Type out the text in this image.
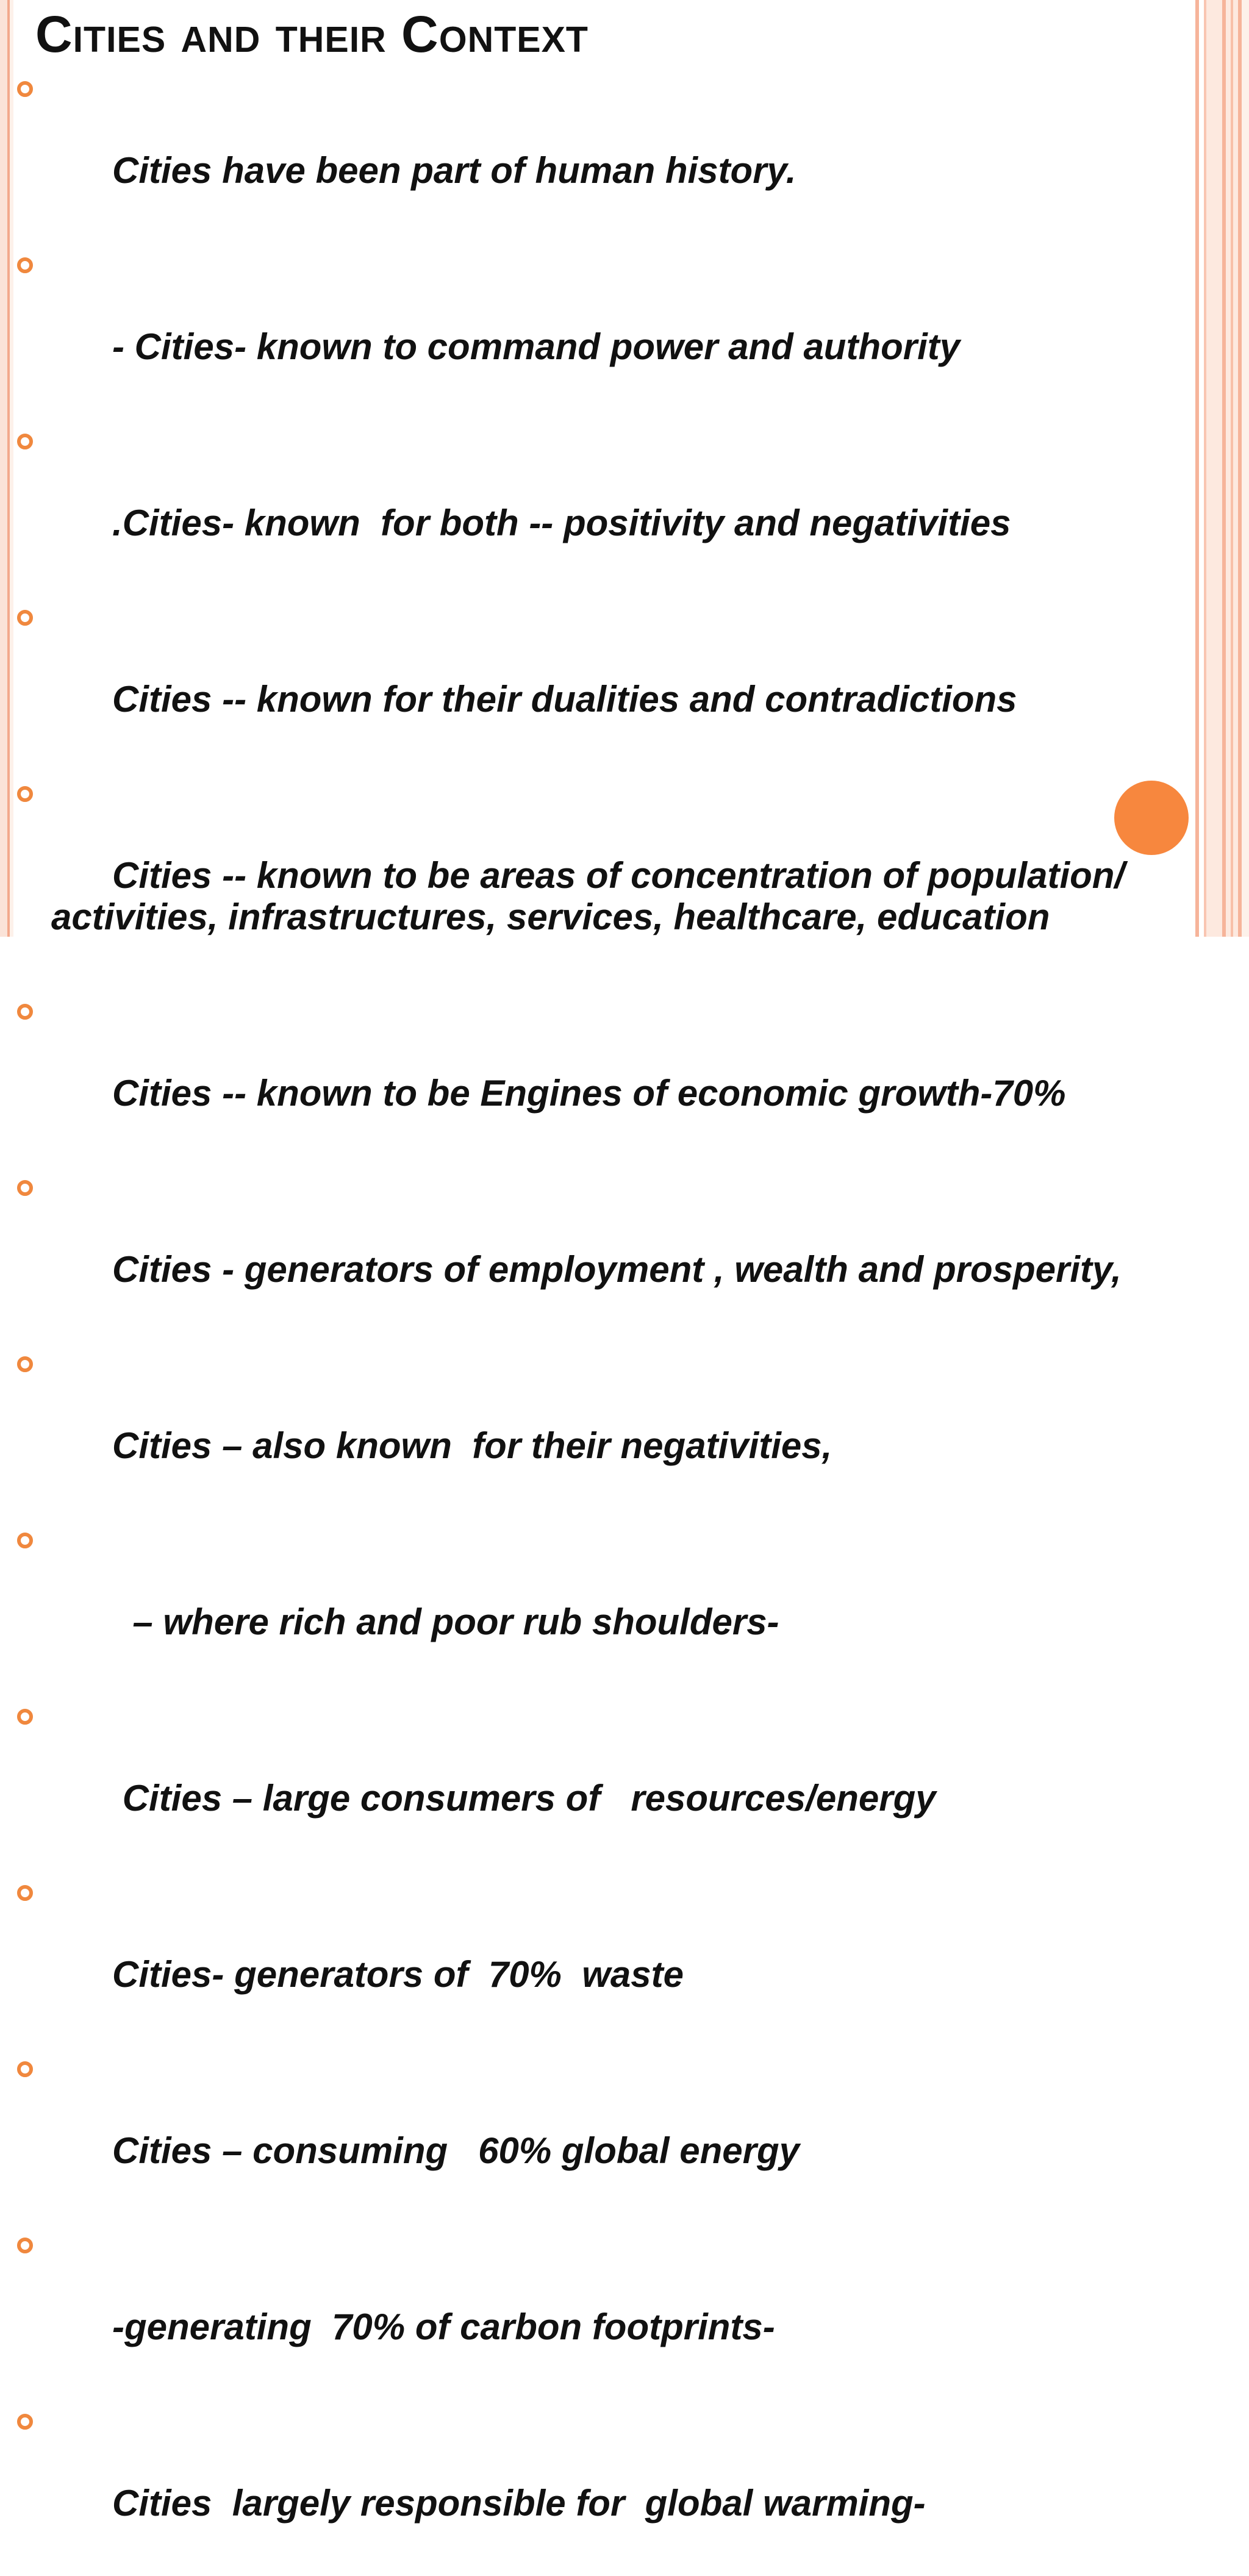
Cities and their Context

Cities have been part of human history.

- Cities- known to command power and authority

.Cities- known  for both -- positivity and negativities

Cities -- known for their dualities and contradictions

Cities -- known to be areas of concentration of population/
activities, infrastructures, services, healthcare, education

Cities -- known to be Engines of economic growth-70%

Cities - generators of employment , wealth and prosperity,

Cities – also known  for their negativities,

– where rich and poor rub shoulders-

Cities – large consumers of   resources/energy

Cities- generators of  70%  waste

Cities – consuming   60% global energy

-generating  70% of carbon footprints-

Cities  largely responsible for  global warming-
